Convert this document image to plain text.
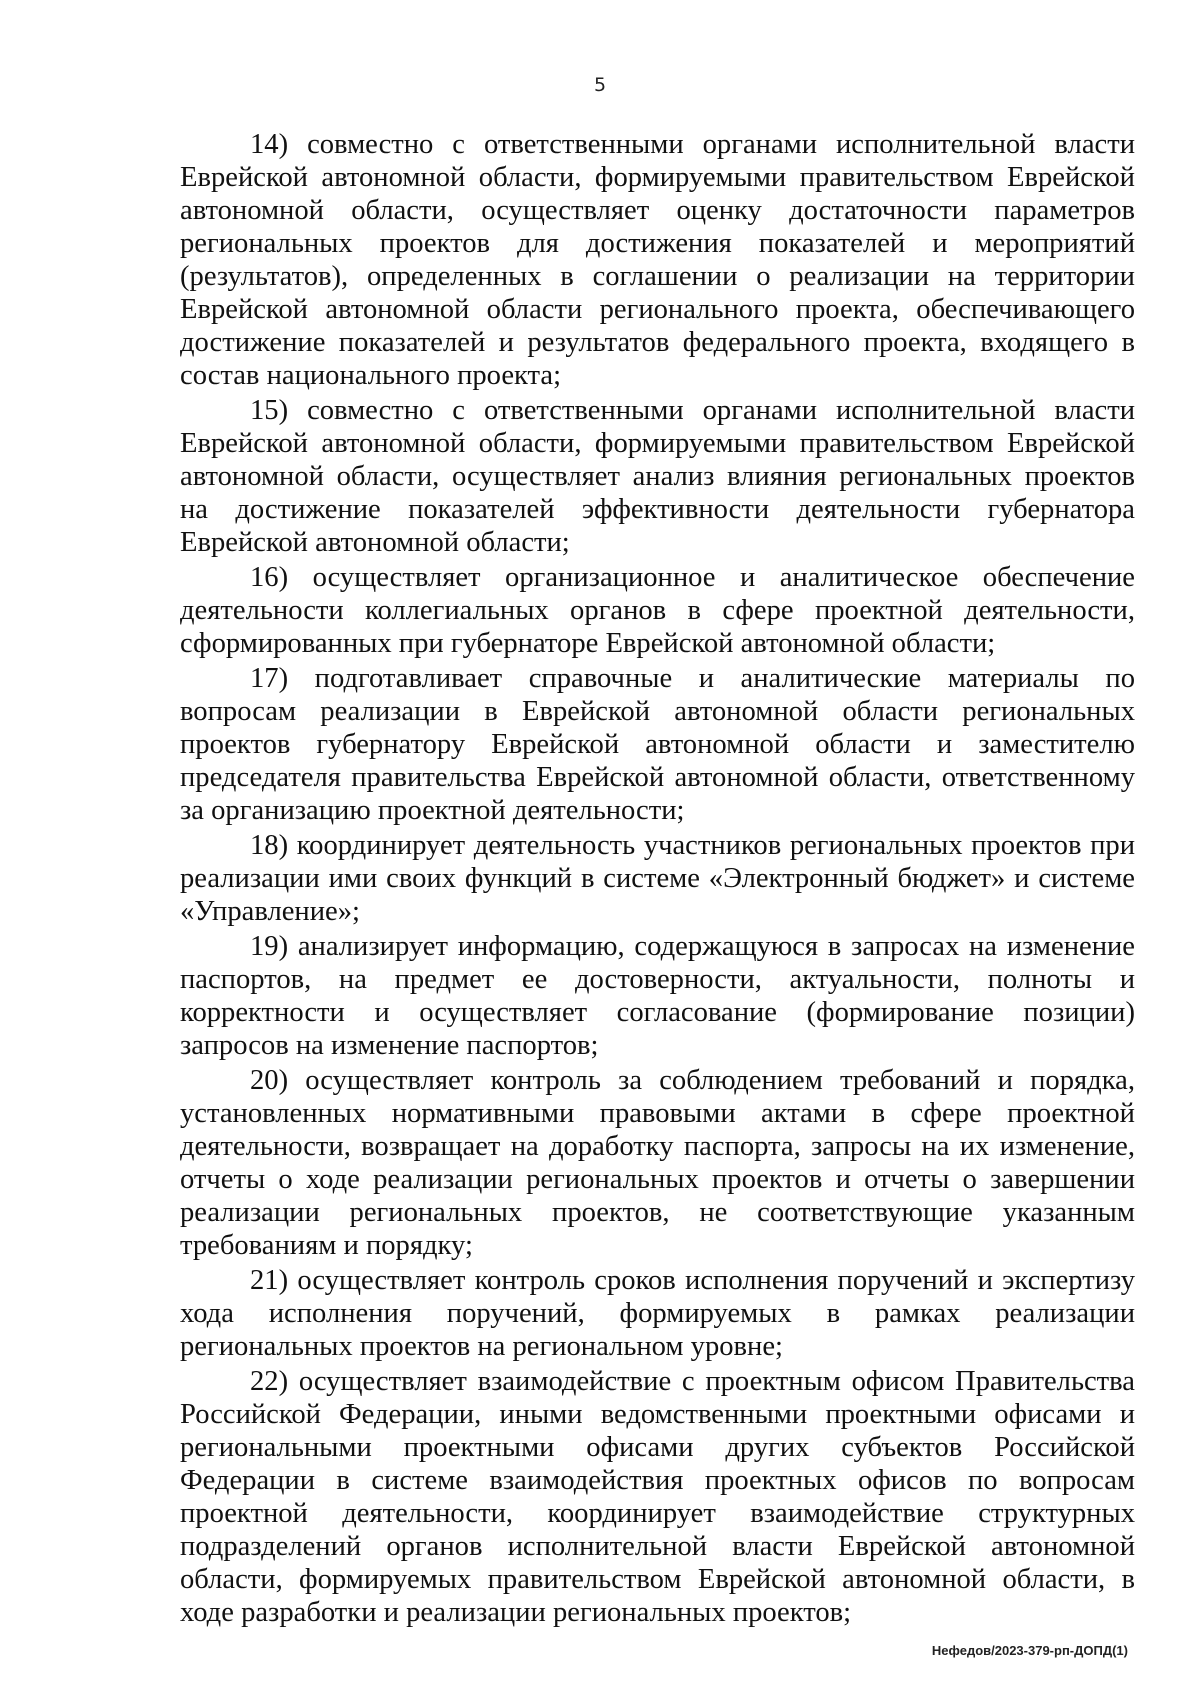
5

14) совместно с ответственными органами исполнительной власти Еврейской автономной области, формируемыми правительством Еврейской автономной области, осуществляет оценку достаточности параметров региональных проектов для достижения показателей и мероприятий (результатов), определенных в соглашении о реализации на территории Еврейской автономной области регионального проекта, обеспечивающего достижение показателей и результатов федерального проекта, входящего в состав национального проекта;

15) совместно с ответственными органами исполнительной власти Еврейской автономной области, формируемыми правительством Еврейской автономной области, осуществляет анализ влияния региональных проектов на достижение показателей эффективности деятельности губернатора Еврейской автономной области;

16) осуществляет организационное и аналитическое обеспечение деятельности коллегиальных органов в сфере проектной деятельности, сформированных при губернаторе Еврейской автономной области;

17) подготавливает справочные и аналитические материалы по вопросам реализации в Еврейской автономной области региональных проектов губернатору Еврейской автономной области и заместителю председателя правительства Еврейской автономной области, ответственному за организацию проектной деятельности;

18) координирует деятельность участников региональных проектов при реализации ими своих функций в системе «Электронный бюджет» и системе «Управление»;

19) анализирует информацию, содержащуюся в запросах на изменение паспортов, на предмет ее достоверности, актуальности, полноты и корректности и осуществляет согласование (формирование позиции) запросов на изменение паспортов;

20) осуществляет контроль за соблюдением требований и порядка, установленных нормативными правовыми актами в сфере проектной деятельности, возвращает на доработку паспорта, запросы на их изменение, отчеты о ходе реализации региональных проектов и отчеты о завершении реализации региональных проектов, не соответствующие указанным требованиям и порядку;

21) осуществляет контроль сроков исполнения поручений и экспертизу хода исполнения поручений, формируемых в рамках реализации региональных проектов на региональном уровне;

22) осуществляет взаимодействие с проектным офисом Правительства Российской Федерации, иными ведомственными проектными офисами и региональными проектными офисами других субъектов Российской Федерации в системе взаимодействия проектных офисов по вопросам проектной деятельности, координирует взаимодействие структурных подразделений органов исполнительной власти Еврейской автономной области, формируемых правительством Еврейской автономной области, в ходе разработки и реализации региональных проектов;

Нефедов/2023-379-рп-ДОПД(1)
